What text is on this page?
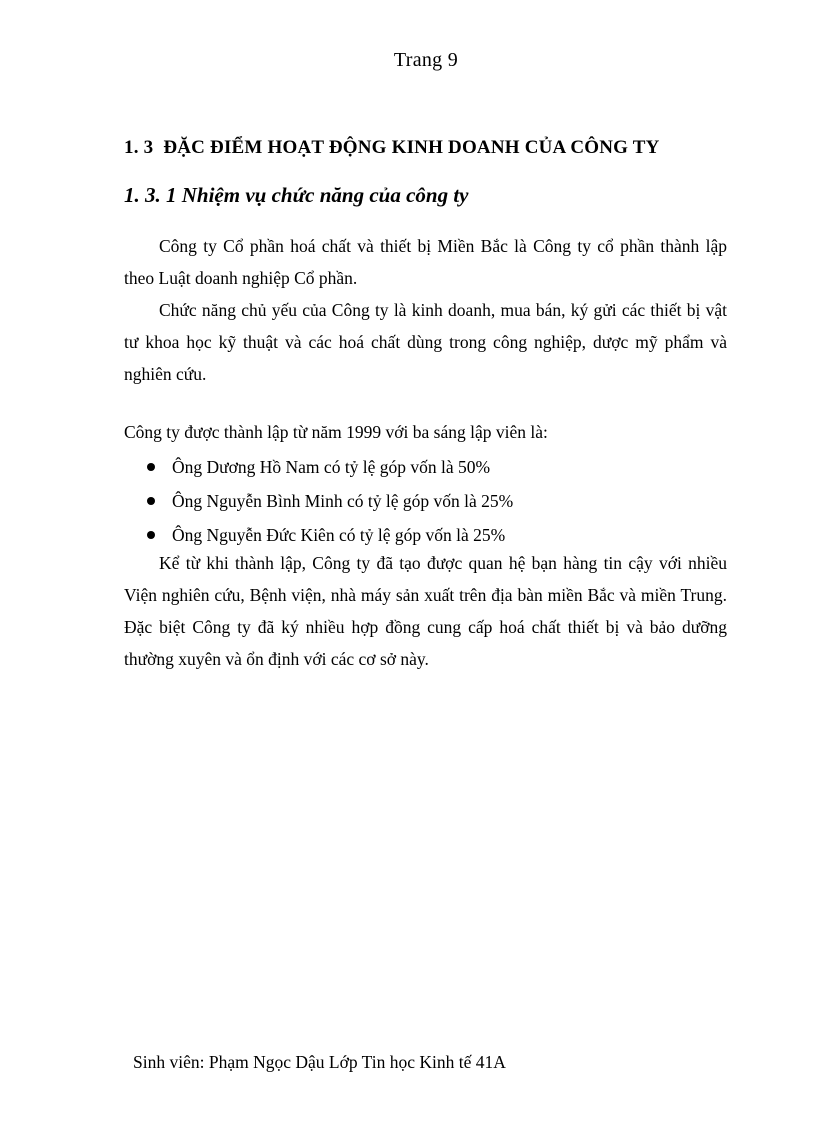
Trang 9
1. 3 ĐẶC ĐIỂM HOẠT ĐỘNG KINH DOANH CỦA CÔNG TY
1. 3. 1 Nhiệm vụ chức năng của công ty

Công ty Cổ phần hoá chất và thiết bị Miền Bắc là Công ty cổ phần thành lập theo Luật doanh nghiệp Cổ phần.

Chức năng chủ yếu của Công ty là kinh doanh, mua bán, ký gửi các thiết bị vật tư khoa học kỹ thuật và các hoá chất dùng trong công nghiệp, dược mỹ phẩm và nghiên cứu.

Công ty được thành lập từ năm 1999 với ba sáng lập viên là:

Ông Dương Hồ Nam có tỷ lệ góp vốn là 50%
Ông Nguyễn Bình Minh có tỷ lệ góp vốn là 25%
Ông Nguyễn Đức Kiên có tỷ lệ góp vốn là 25%

Kể từ khi thành lập, Công ty đã tạo được quan hệ bạn hàng tin cậy với nhiều Viện nghiên cứu, Bệnh viện, nhà máy sản xuất trên địa bàn miền Bắc và miền Trung. Đặc biệt Công ty đã ký nhiều hợp đồng cung cấp hoá chất thiết bị và bảo dưỡng thường xuyên và ổn định với các cơ sở này.

Sinh viên: Phạm Ngọc Dậu Lớp Tin học Kinh tế 41A
